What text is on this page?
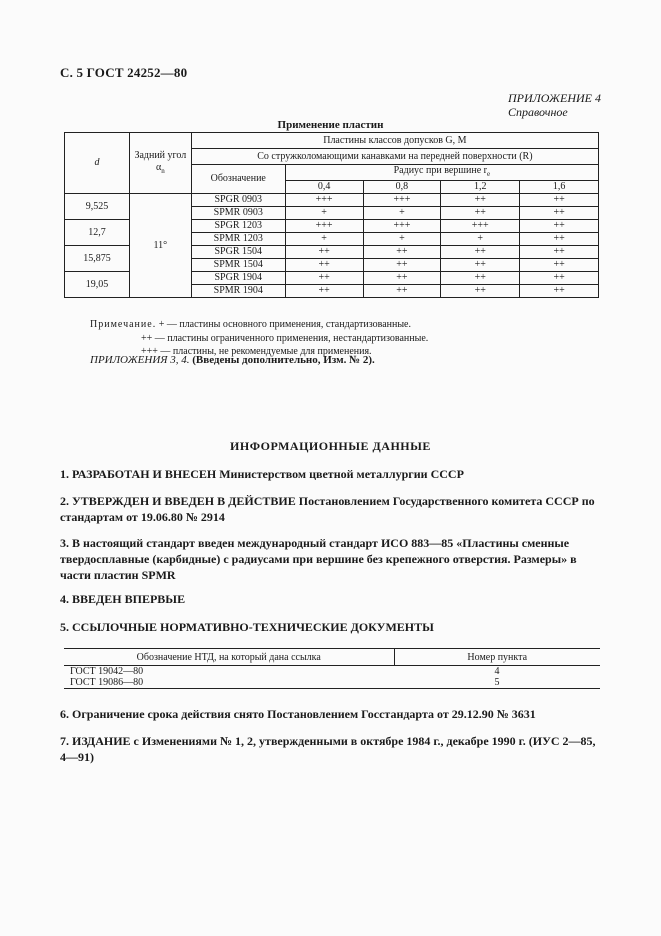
С. 5 ГОСТ 24252—80
ПРИЛОЖЕНИЕ 4
Справочное
Применение пластин
d	Задний угол $\alpha_n$	Пластины классов допусков G, M				
		Со стружколомающими канавками на передней поверхности (R)				
		Обозначение	Радиус при вершине $r_e$
			0,4	0,8	1,2	1,6
9,525	11°	SPGR 0903	+++	+++	++	++
		SPMR 0903	+	+	++	++
12,7		SPGR 1203	+++	+++	+++	++
		SPMR 1203	+	+	+	++
15,875		SPGR 1504	++	++	++	++
		SPMR 1504	++	++	++	++
19,05		SPGR 1904	++	++	++	++
		SPMR 1904	++	++	++	++
Примечание. + — пластины основного применения, стандартизованные.
++ — пластины ограниченного применения, нестандартизованные.
+++ — пластины, не рекомендуемые для применения.
ПРИЛОЖЕНИЯ 3, 4. (Введены дополнительно, Изм. № 2).
ИНФОРМАЦИОННЫЕ ДАННЫЕ
1. РАЗРАБОТАН И ВНЕСЕН Министерством цветной металлургии СССР
2. УТВЕРЖДЕН И ВВЕДЕН В ДЕЙСТВИЕ Постановлением Государственного комитета СССР по стандартам от 19.06.80 № 2914
3. В настоящий стандарт введен международный стандарт ИСО 883—85 «Пластины сменные твердосплавные (карбидные) с радиусами при вершине без крепежного отверстия. Размеры» в части пластин SPMR
4. ВВЕДЕН ВПЕРВЫЕ
5. ССЫЛОЧНЫЕ НОРМАТИВНО-ТЕХНИЧЕСКИЕ ДОКУМЕНТЫ
Обозначение НТД, на который дана ссылка	Номер пункта
ГОСТ 19042—80	4
ГОСТ 19086—80	5
6. Ограничение срока действия снято Постановлением Госстандарта от 29.12.90 № 3631
7. ИЗДАНИЕ с Изменениями № 1, 2, утвержденными в октябре 1984 г., декабре 1990 г. (ИУС 2—85, 4—91)
